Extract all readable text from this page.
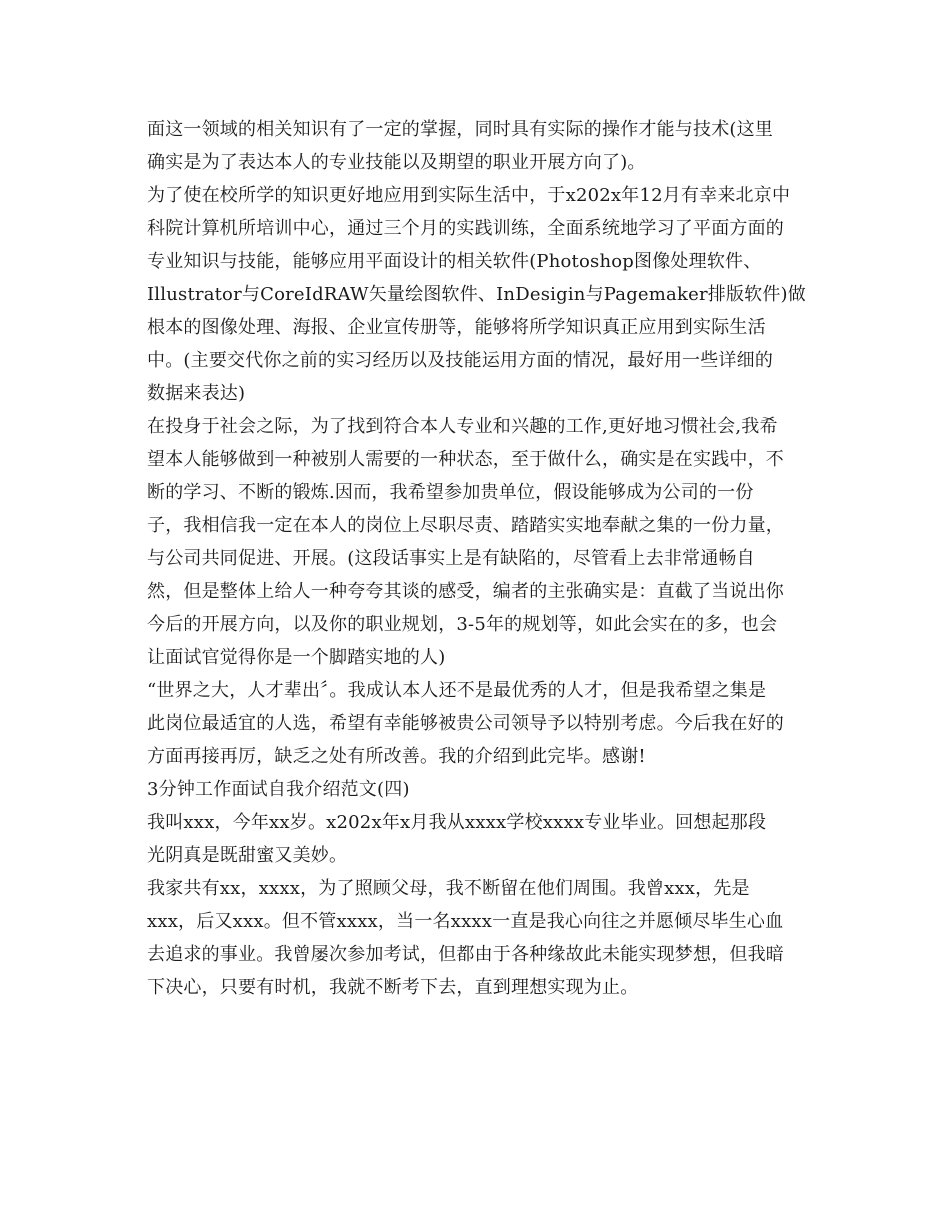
面这一领域的相关知识有了一定的掌握，同时具有实际的操作才能与技术(这里
确实是为了表达本人的专业技能以及期望的职业开展方向了)。
为了使在校所学的知识更好地应用到实际生活中，于x202x年12月有幸来北京中
科院计算机所培训中心，通过三个月的实践训练，全面系统地学习了平面方面的
专业知识与技能，能够应用平面设计的相关软件(Photoshop图像处理软件、
Illustrator与CoreIdRAW矢量绘图软件、InDesigin与Pagemaker排版软件)做
根本的图像处理、海报、企业宣传册等，能够将所学知识真正应用到实际生活
中。(主要交代你之前的实习经历以及技能运用方面的情况，最好用一些详细的
数据来表达)
在投身于社会之际，为了找到符合本人专业和兴趣的工作,更好地习惯社会,我希
望本人能够做到一种被别人需要的一种状态，至于做什么，确实是在实践中，不
断的学习、不断的锻炼.因而，我希望参加贵单位，假设能够成为公司的一份
子，我相信我一定在本人的岗位上尽职尽责、踏踏实实地奉献之集的一份力量，
与公司共同促进、开展。(这段话事实上是有缺陷的，尽管看上去非常通畅自
然，但是整体上给人一种夸夸其谈的感受，编者的主张确实是：直截了当说出你
今后的开展方向，以及你的职业规划，3-5年的规划等，如此会实在的多，也会
让面试官觉得你是一个脚踏实地的人)
“世界之大，人才辈出〞。我成认本人还不是最优秀的人才，但是我希望之集是
此岗位最适宜的人选，希望有幸能够被贵公司领导予以特别考虑。今后我在好的
方面再接再厉，缺乏之处有所改善。我的介绍到此完毕。感谢!
3分钟工作面试自我介绍范文(四)
我叫xxx，今年xx岁。x202x年x月我从xxxx学校xxxx专业毕业。回想起那段
光阴真是既甜蜜又美妙。
我家共有xx，xxxx，为了照顾父母，我不断留在他们周围。我曾xxx，先是
xxx，后又xxx。但不管xxxx，当一名xxxx一直是我心向往之并愿倾尽毕生心血
去追求的事业。我曾屡次参加考试，但都由于各种缘故此未能实现梦想，但我暗
下决心，只要有时机，我就不断考下去，直到理想实现为止。
